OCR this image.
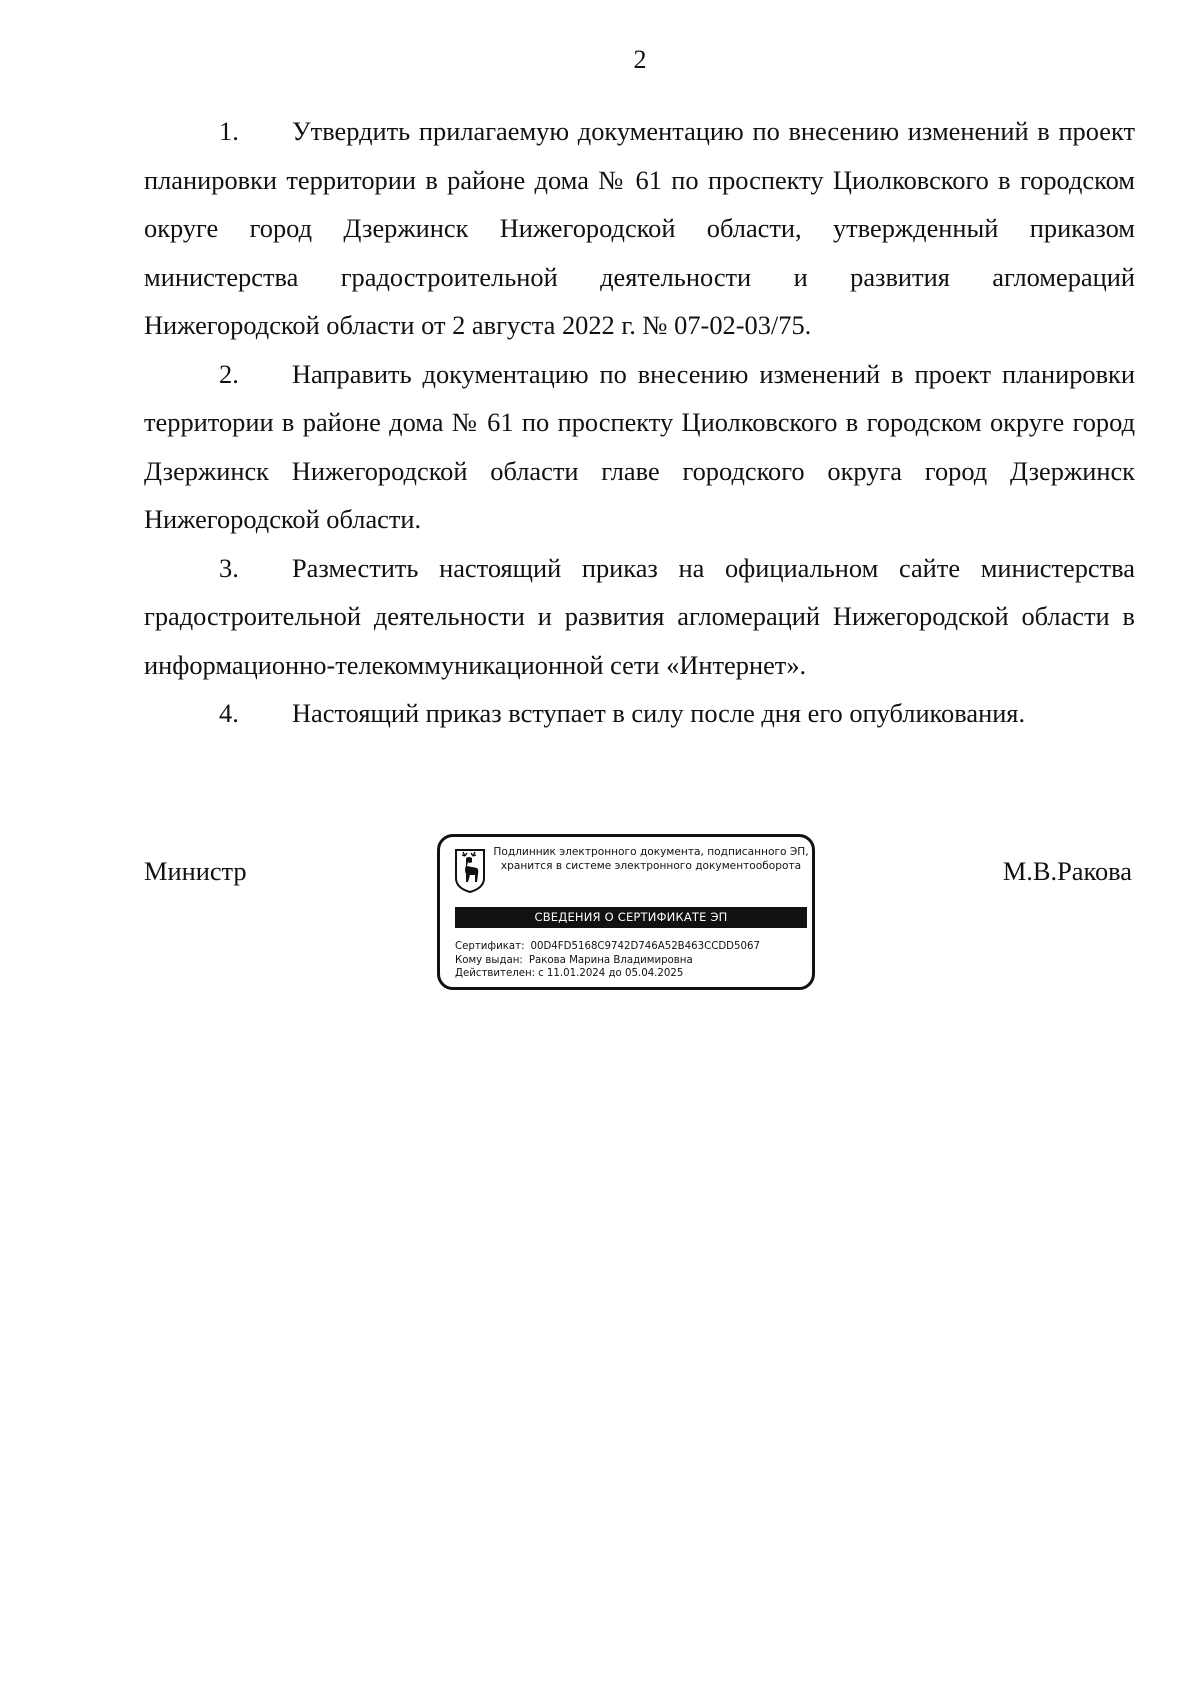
2

1. Утвердить прилагаемую документацию по внесению изменений в проект планировки территории в районе дома № 61 по проспекту Циолковского в городском округе город Дзержинск Нижегородской области, утвержденный приказом министерства градостроительной деятельности и развития агломераций Нижегородской области от 2 августа 2022 г. № 07-02-03/75.

2. Направить документацию по внесению изменений в проект планировки территории в районе дома № 61 по проспекту Циолковского в городском округе город Дзержинск Нижегородской области главе городского округа город Дзержинск Нижегородской области.

3. Разместить настоящий приказ на официальном сайте министерства градостроительной деятельности и развития агломераций Нижегородской области в информационно-телекоммуникационной сети «Интернет».

4. Настоящий приказ вступает в силу после дня его опубликования.

Министр
Подлинник электронного документа, подписанного ЭП,
хранится в системе электронного документооборота
СВЕДЕНИЯ О СЕРТИФИКАТЕ ЭП
Сертификат: 00D4FD5168C9742D746A52B463CCDD5067
Кому выдан: Ракова Марина Владимировна
Действителен: с 11.01.2024 до 05.04.2025
М.В.Ракова
